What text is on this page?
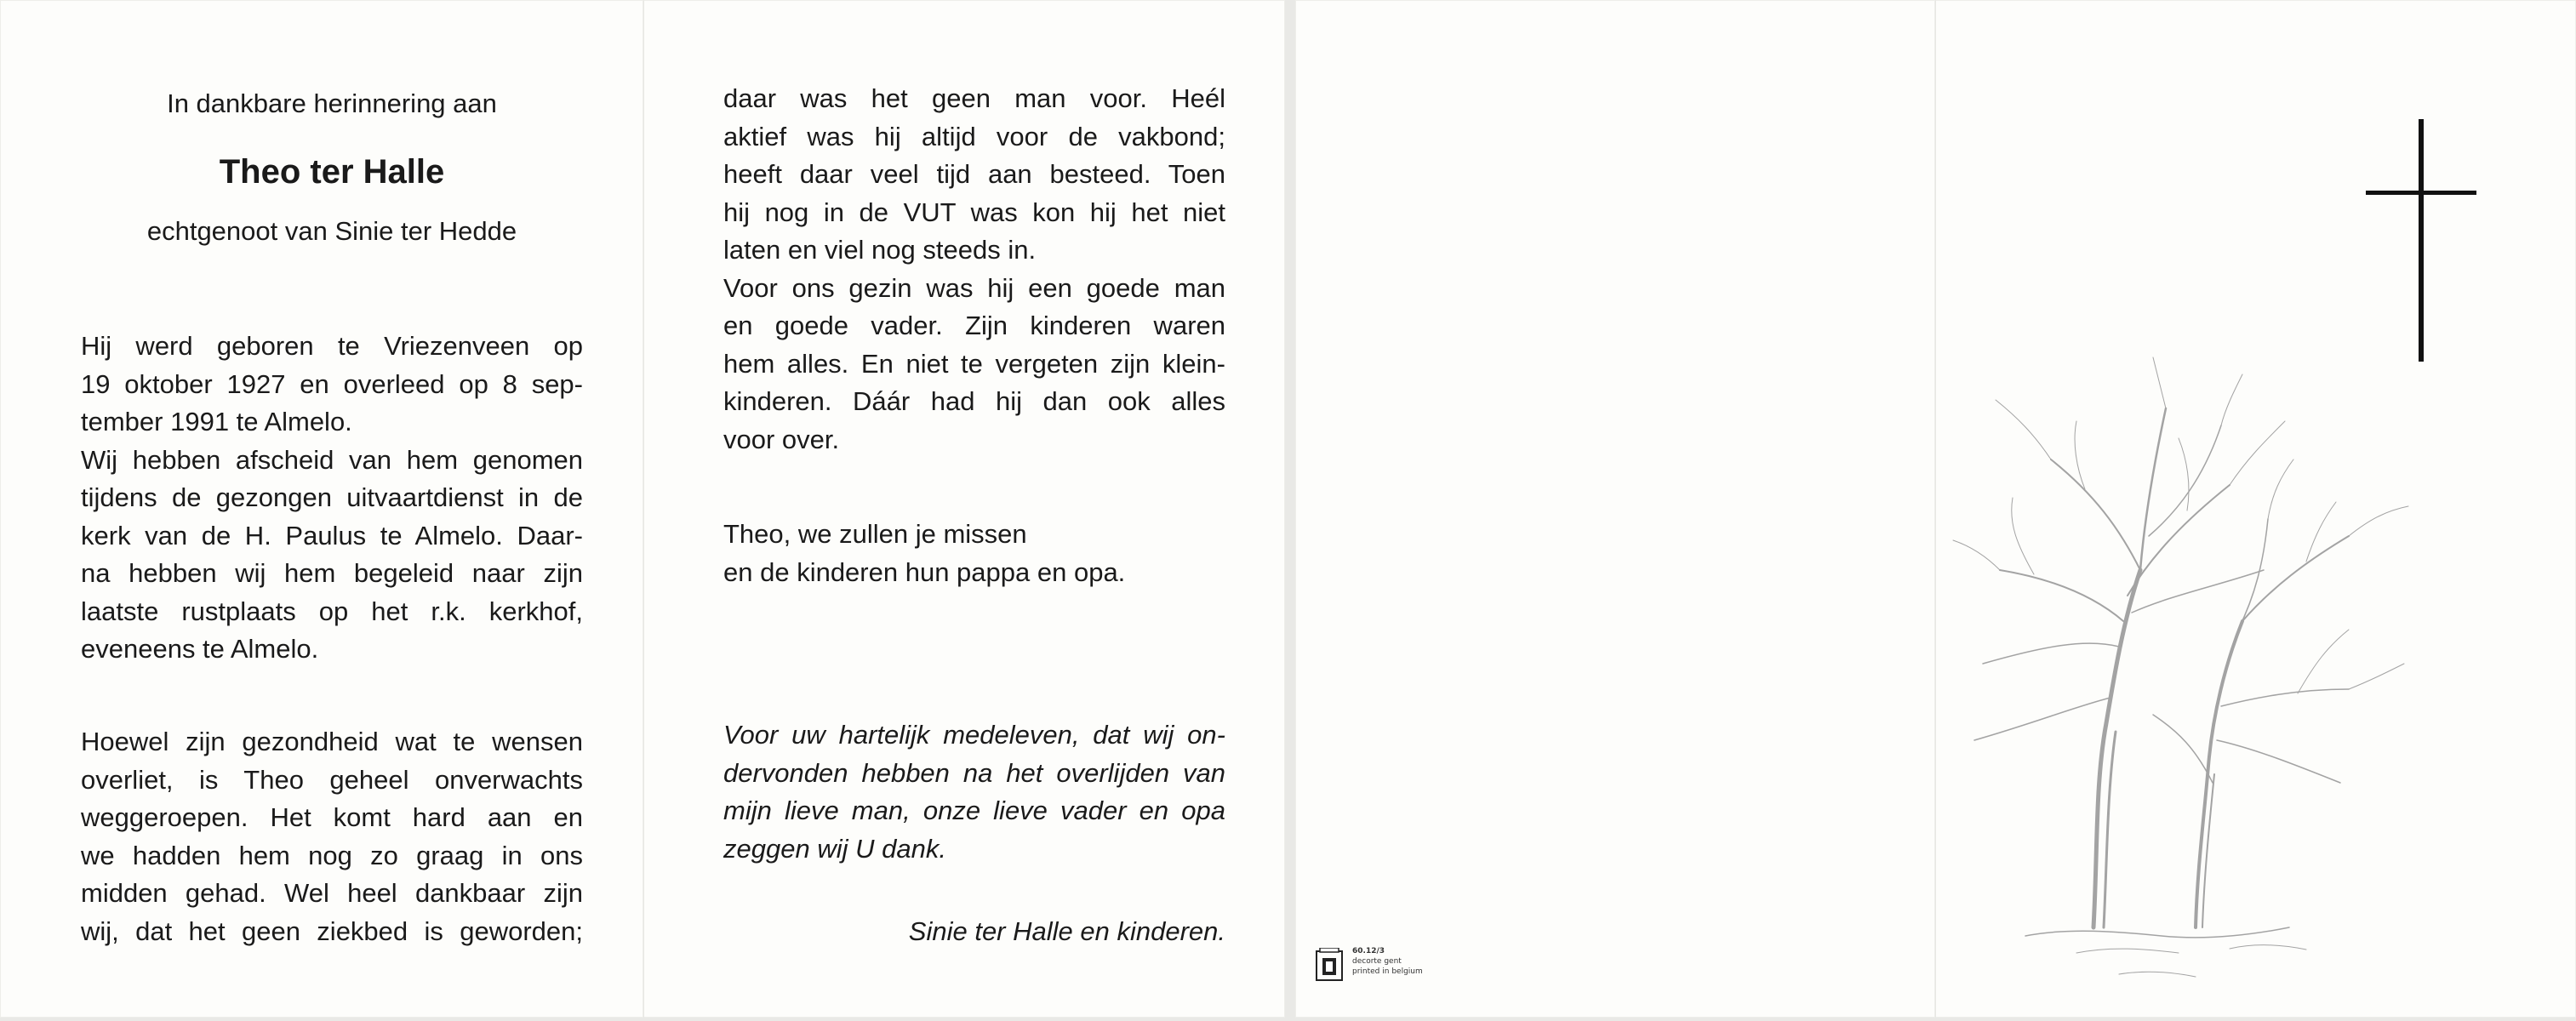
In dankbare herinnering aan
Theo ter Halle
echtgenoot van Sinie ter Hedde
Hij werd geboren te Vriezenveen op
19 oktober 1927 en overleed op 8 sep-
tember 1991 te Almelo.
Wij hebben afscheid van hem genomen
tijdens de gezongen uitvaartdienst in de
kerk van de H. Paulus te Almelo. Daar-
na hebben wij hem begeleid naar zijn
laatste rustplaats op het r.k. kerkhof,
eveneens te Almelo.
Hoewel zijn gezondheid wat te wensen
overliet, is Theo geheel onverwachts
weggeroepen. Het komt hard aan en
we hadden hem nog zo graag in ons
midden gehad. Wel heel dankbaar zijn
wij, dat het geen ziekbed is geworden;
daar was het geen man voor. Heél
aktief was hij altijd voor de vakbond;
heeft daar veel tijd aan besteed. Toen
hij nog in de VUT was kon hij het niet
laten en viel nog steeds in.
Voor ons gezin was hij een goede man
en goede vader. Zijn kinderen waren
hem alles. En niet te vergeten zijn klein-
kinderen. Dáár had hij dan ook alles
voor over.
Theo, we zullen je missen
en de kinderen hun pappa en opa.
Voor uw hartelijk medeleven, dat wij on-
dervonden hebben na het overlijden van
mijn lieve man, onze lieve vader en opa
zeggen wij U dank.
Sinie ter Halle en kinderen.
60.12/3
decorte gent
printed in belgium
